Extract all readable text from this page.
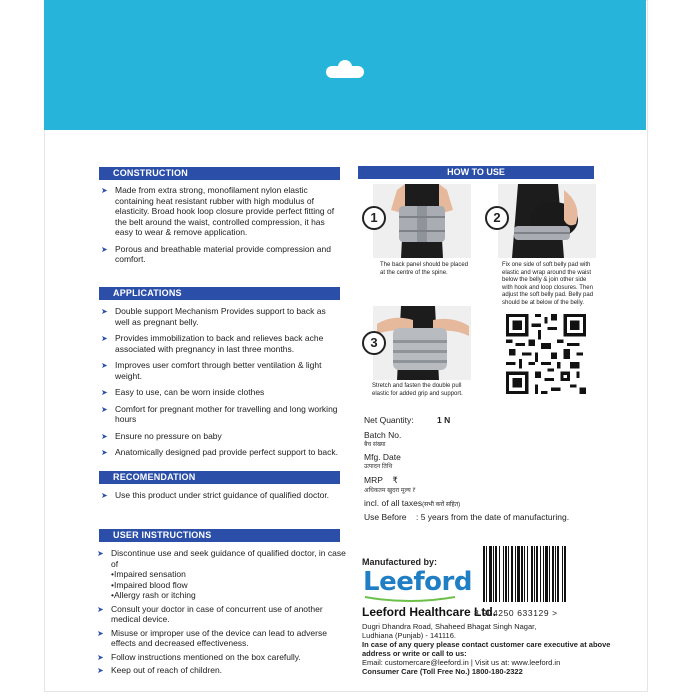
CONSTRUCTION
➤ Made from extra strong, monofilament nylon elastic containing heat resistant rubber with high modulus of elasticity. Broad hook loop closure provide perfect fitting of the belt around the waist, controlled compression, it has easy to wear & remove application.
➤ Porous and breathable material provide compression and comfort.
APPLICATIONS
➤ Double support Mechanism Provides support to back as well as pregnant belly.
➤ Provides immobilization to back and relieves back ache associated with pregnancy in last three months.
➤ Improves user comfort through better ventilation & light weight.
➤ Easy to use, can be worn inside clothes
➤ Comfort for pregnant mother for travelling and long working hours
➤ Ensure no pressure on baby
➤ Anatomically designed pad provide perfect support to back.
RECOMENDATION
➤ Use this product under strict guidance of qualified doctor.
USER INSTRUCTIONS
➤ Discontinue use and seek guidance of qualified doctor, in case of
•Impaired sensation
•Impaired blood flow
•Allergy rash or itching
➤ Consult your doctor in case of concurrent use of another medical device.
➤ Misuse or improper use of the device can lead to adverse effects and decreased effectiveness.
➤ Follow instructions mentioned on the box carefully.
➤ Keep out of reach of children.
HOW TO USE
1
The back panel should be placed at the centre of the spine.
2
Fix one side of soft belly pad with elastic and wrap around the waist below the belly & join other side with hook and loop closures. Then adjust the soft belly pad. Belly pad should be at below of the belly.
3
Stretch and fasten the double pull elastic for added grip and support.
Net Quantity:	1 N
Batch No.
बैच संख्या
Mfg. Date
उत्पादन तिथि
MRP ₹
अधिकतम खुदरा मूल्य ₹
incl. of all taxes(सभी करों सहित)
Use Before : 5 years from the date of manufacturing.
Manufactured by:
Leeford
Leeford Healthcare Ltd.
Dugri Dhandra Road, Shaheed Bhagat Singh Nagar,
Ludhiana (Punjab) - 141116.
In case of any query please contact customer care executive at above address or write or call to us:
Email: customercare@leeford.in | Visit us at: www.leeford.in
Consumer Care (Toll Free No.) 1800-180-2322
8 904250 633129 >
